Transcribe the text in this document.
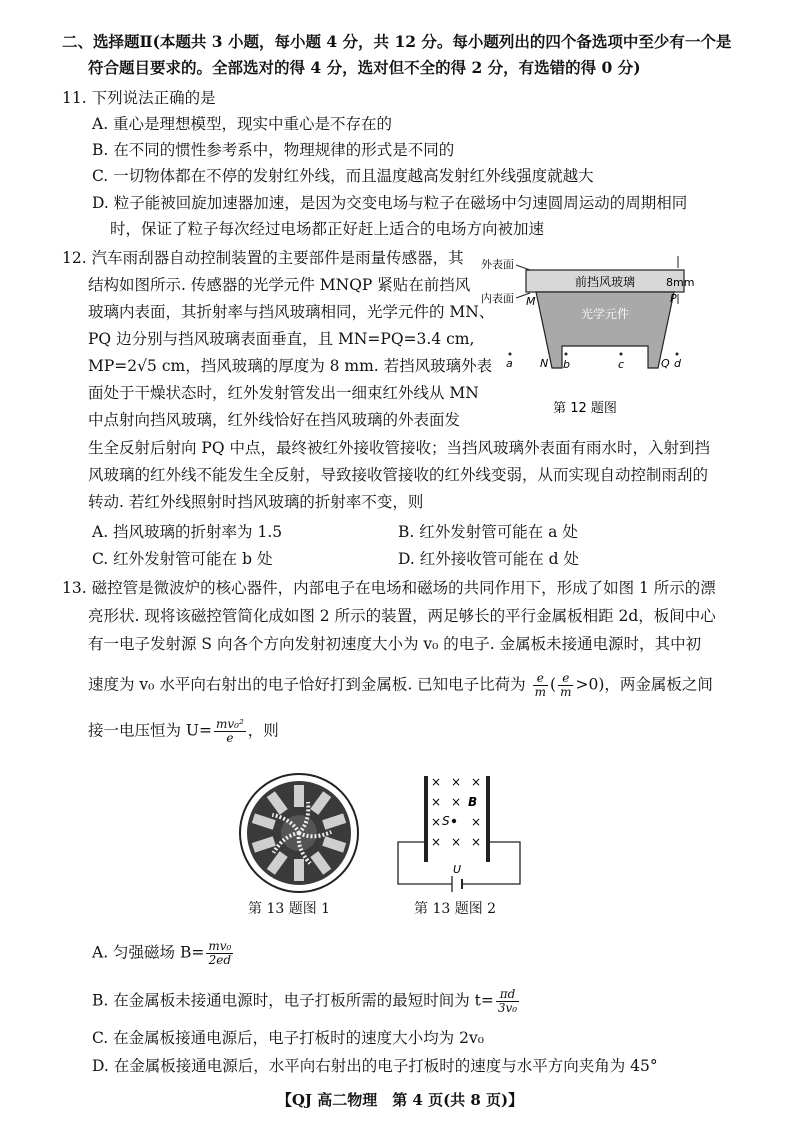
二、选择题Ⅱ(本题共 3 小题，每小题 4 分，共 12 分。每小题列出的四个备选项中至少有一个是
符合题目要求的。全部选对的得 4 分，选对但不全的得 2 分，有选错的得 0 分)
11. 下列说法正确的是
A. 重心是理想模型，现实中重心是不存在的
B. 在不同的惯性参考系中，物理规律的形式是不同的
C. 一切物体都在不停的发射红外线，而且温度越高发射红外线强度就越大
D. 粒子能被回旋加速器加速，是因为交变电场与粒子在磁场中匀速圆周运动的周期相同
时，保证了粒子每次经过电场都正好赶上适合的电场方向被加速
12. 汽车雨刮器自动控制装置的主要部件是雨量传感器，其
结构如图所示. 传感器的光学元件 MNQP 紧贴在前挡风
玻璃内表面，其折射率与挡风玻璃相同，光学元件的 MN、
PQ 边分别与挡风玻璃表面垂直，且 MN=PQ=3.4 cm,
MP=2√5 cm，挡风玻璃的厚度为 8 mm. 若挡风玻璃外表
面处于干燥状态时，红外发射管发出一细束红外线从 MN
中点射向挡风玻璃，红外线恰好在挡风玻璃的外表面发
生全反射后射向 PQ 中点，最终被红外接收管接收；当挡风玻璃外表面有雨水时，入射到挡
风玻璃的红外线不能发生全反射，导致接收管接收的红外线变弱，从而实现自动控制雨刮的
转动. 若红外线照射时挡风玻璃的折射率不变，则
A. 挡风玻璃的折射率为 1.5	B. 红外发射管可能在 a 处
C. 红外发射管可能在 b 处	D. 红外接收管可能在 d 处
前挡风玻璃
光学元件
外表面
内表面
8mm
M	P
N	Q
a	b	c	d
第 12 题图
13. 磁控管是微波炉的核心器件，内部电子在电场和磁场的共同作用下，形成了如图 1 所示的漂
亮形状. 现将该磁控管简化成如图 2 所示的装置，两足够长的平行金属板相距 2d，板间中心
有一电子发射源 S 向各个方向发射初速度大小为 v₀ 的电子. 金属板未接通电源时，其中初
速度为 v₀ 水平向右射出的电子恰好打到金属板. 已知电子比荷为 $\frac{e}{m}$ ( $\frac{e}{m} >0$)，两金属板之间
接一电压恒为 $U= \frac{\text{mv₀²}}{e}$ ，则
第 13 题图 1
× × ×
× ×
× ×
× × ×
B
S
U
第 13 题图 2
A. 匀强磁场 $B= \frac{\text{mv₀}}{2ed}$
B. 在金属板未接通电源时，电子打板所需的最短时间为 $t= \frac{\pi d}{\text{3v₀}}$
C. 在金属板接通电源后，电子打板时的速度大小均为 2v₀
D. 在金属板接通电源后，水平向右射出的电子打板时的速度与水平方向夹角为 45°
【QJ 高二物理　第 4 页(共 8 页)】
